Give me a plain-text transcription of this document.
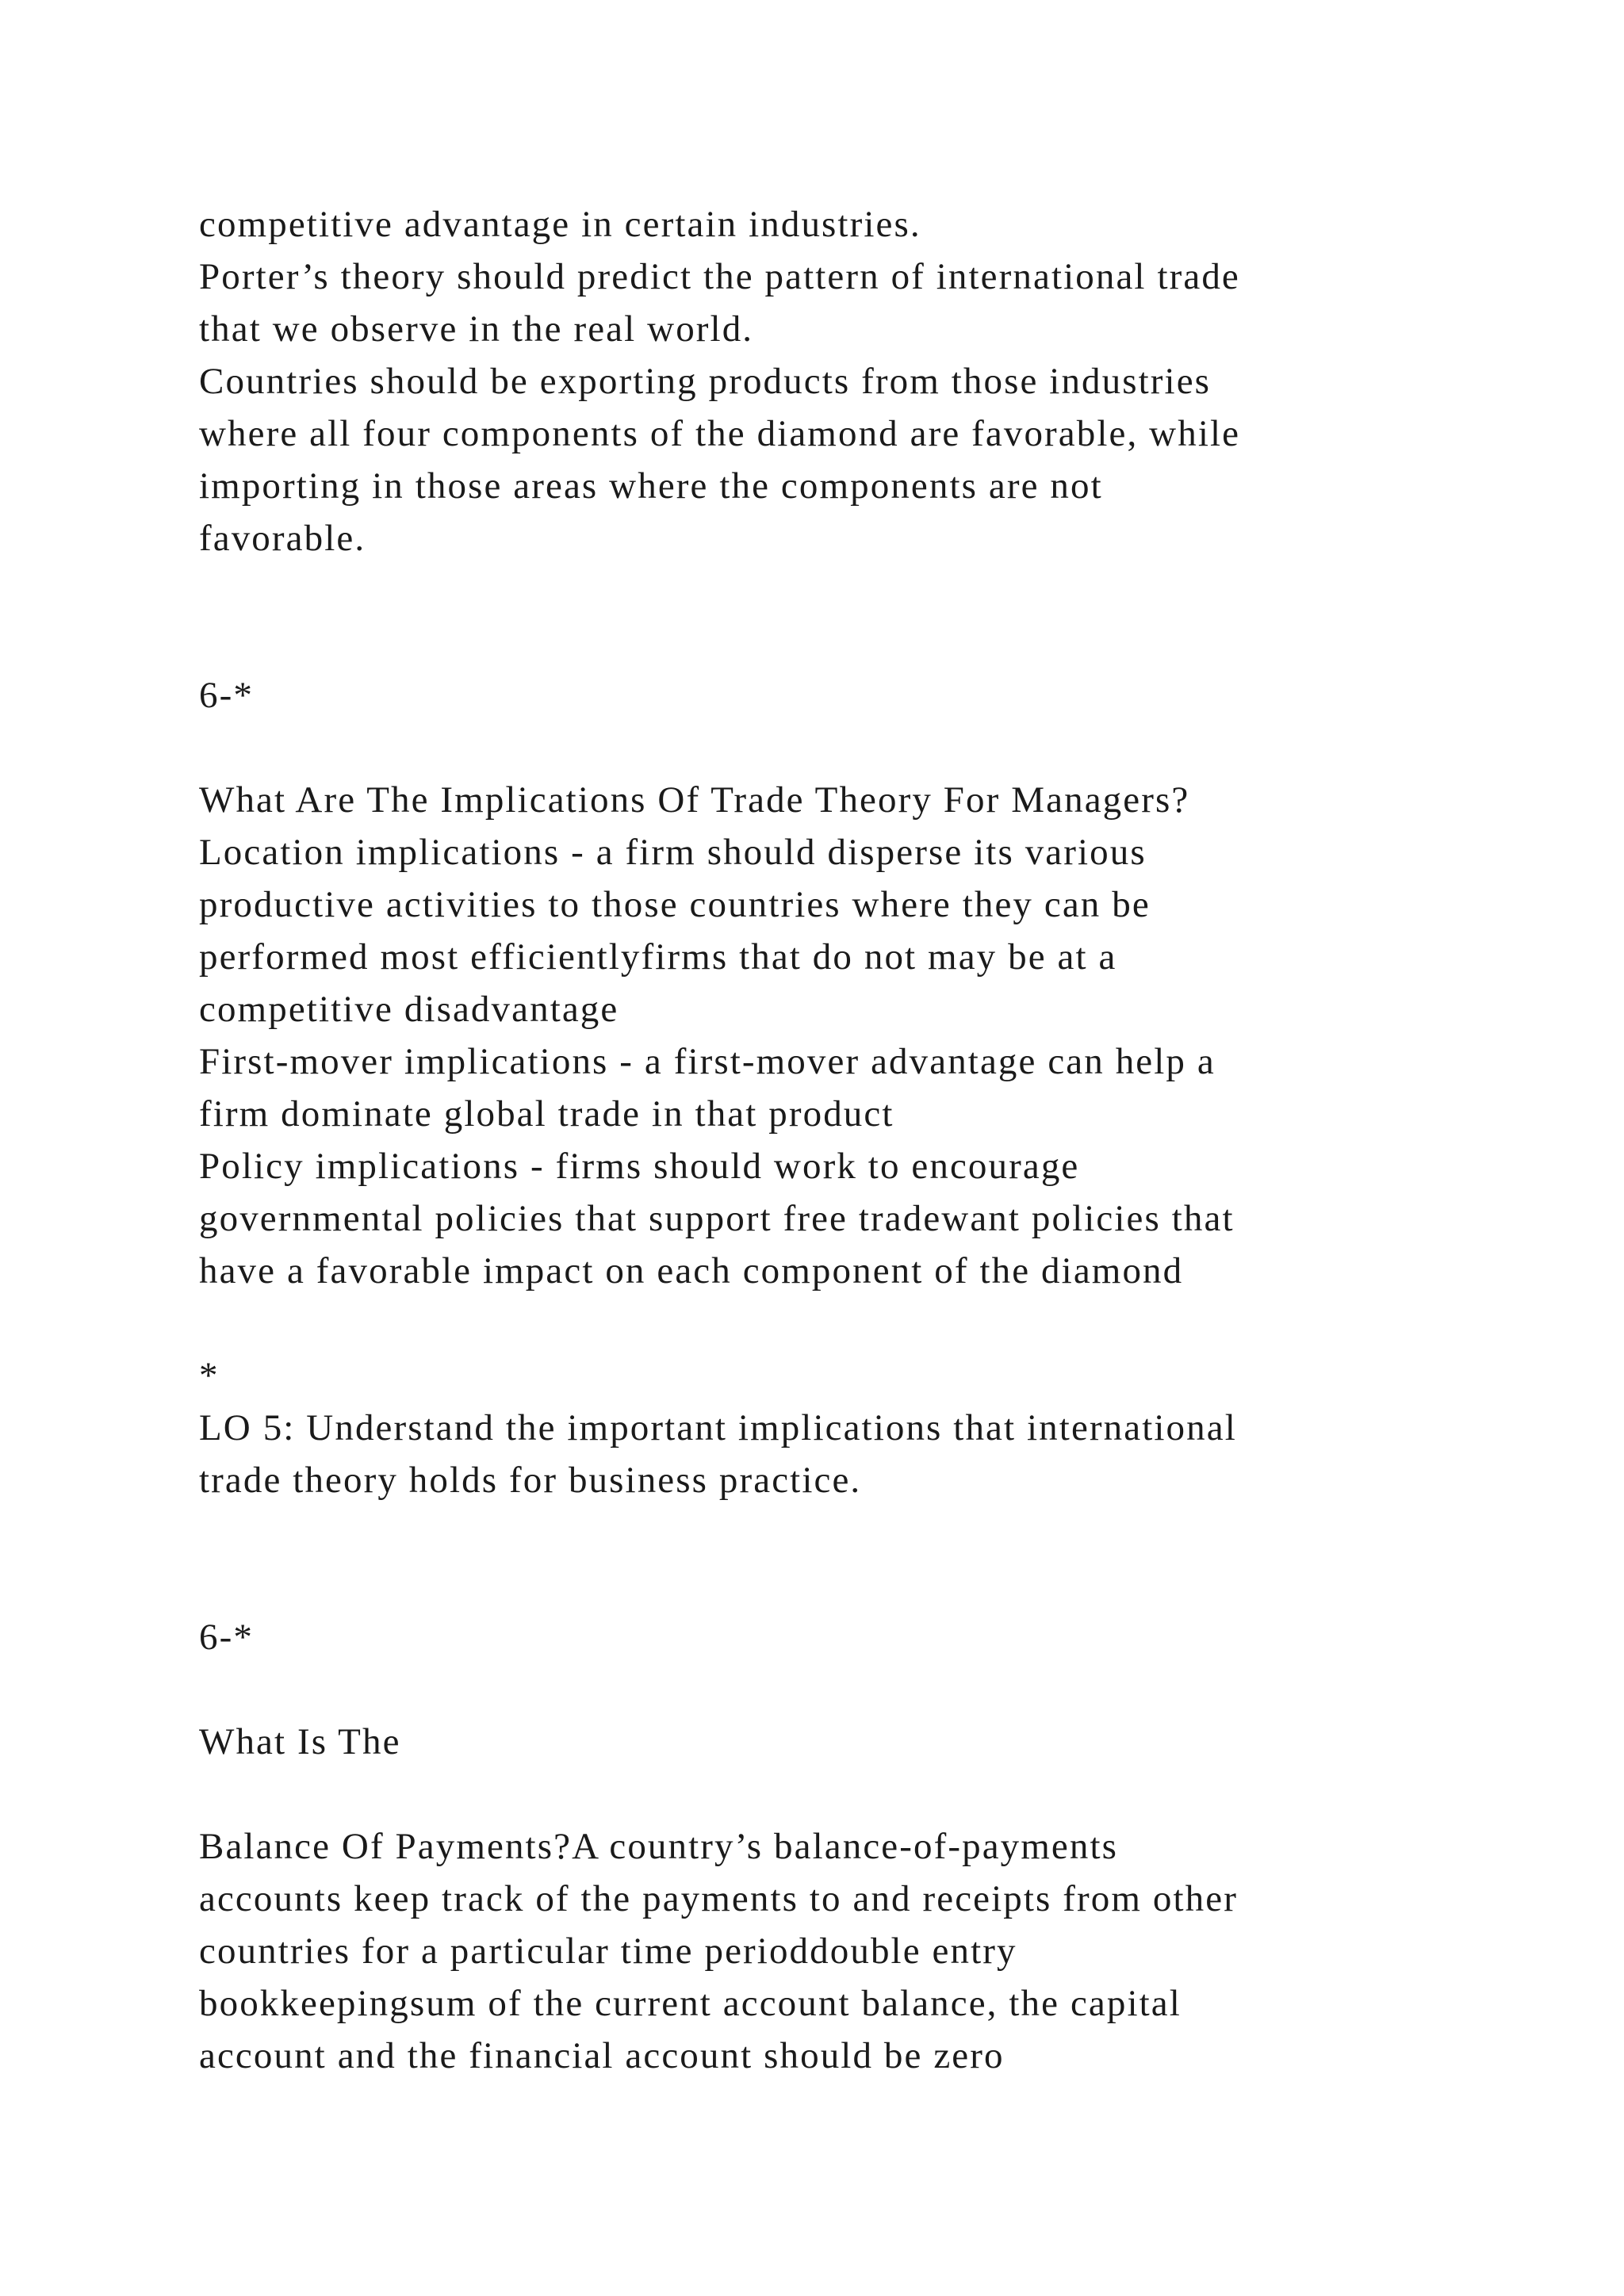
competitive advantage in certain industries.

Porter’s theory should predict the pattern of international trade

that we observe in the real world.

Countries should be exporting products from those industries

where all four components of the diamond are favorable, while

importing in those areas where the components are not

favorable.

6-*

What Are The Implications Of Trade Theory For Managers?

Location implications - a firm should disperse its various

productive activities to those countries where they can be

performed most efficientlyfirms that do not may be at a

competitive disadvantage

First-mover implications - a first-mover advantage can help a

firm dominate global trade in that product

Policy implications - firms should work to encourage

governmental policies that support free tradewant policies that

have a favorable impact on each component of the diamond

*

LO 5: Understand the important implications that international

trade theory holds for business practice.

6-*

What Is The

Balance Of Payments?A country’s balance-of-payments

accounts keep track of the payments to and receipts from other

countries for a particular time perioddouble entry

bookkeepingsum of the current account balance, the capital

account and the financial account should be zero
